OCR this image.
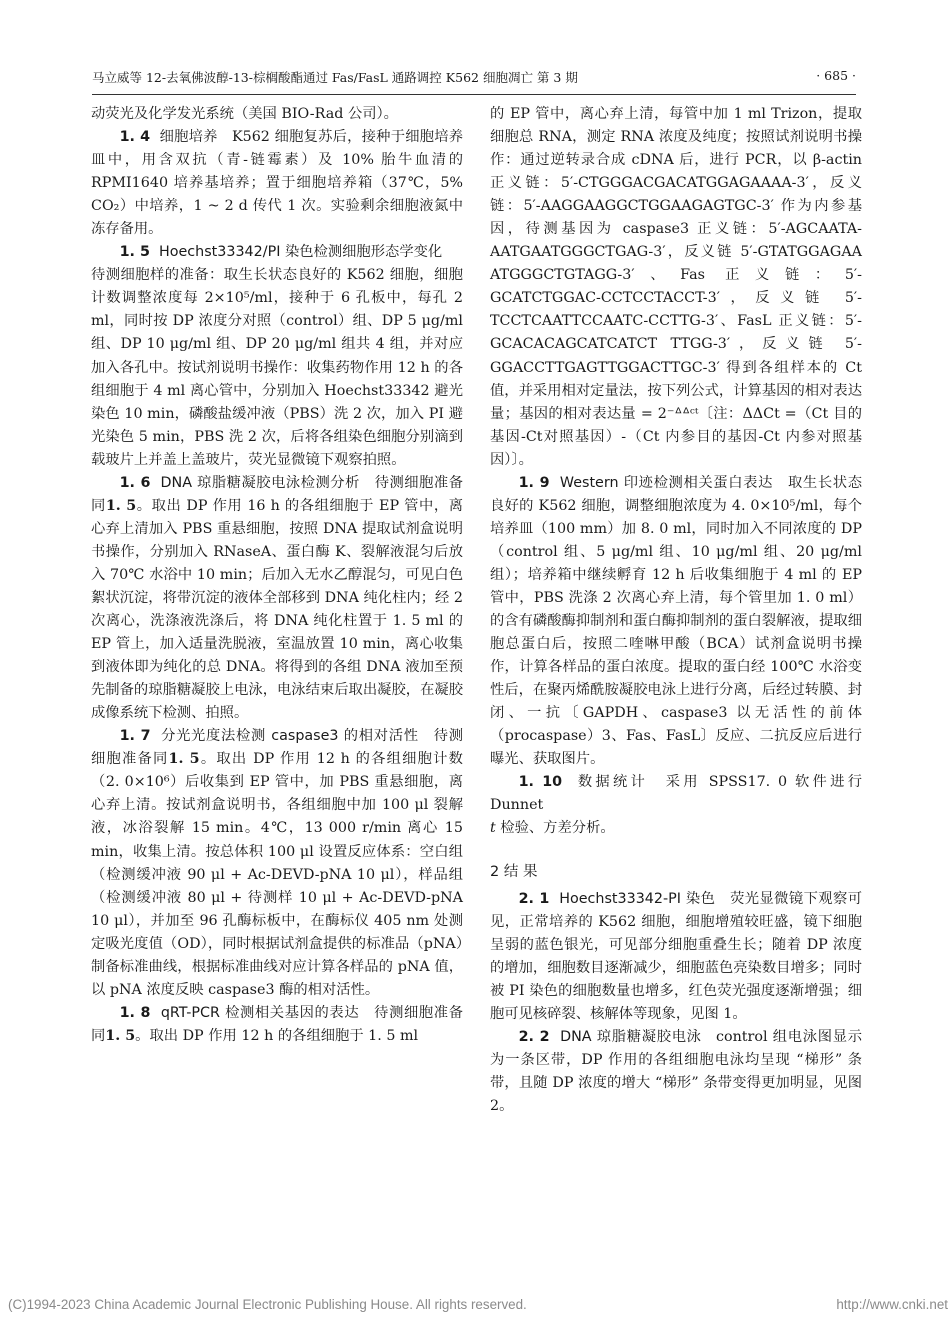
马立威等 12-去氧佛波醇-13-棕榈酸酯通过 Fas/FasL 通路调控 K562 细胞凋亡 第 3 期	· 685 ·

动荧光及化学发光系统（美国 BIO-Rad 公司）。

1. 4 细胞培养  K562 细胞复苏后，接种于细胞培养皿中，用含双抗（青-链霉素）及 10% 胎牛血清的 RPMI1640 培养基培养；置于细胞培养箱（37℃，5% CO₂）中培养，1 ~ 2 d 传代 1 次。实验剩余细胞液氮中冻存备用。

1. 5 Hoechst33342/PI 染色检测细胞形态学变化
待测细胞样的准备：取生长状态良好的 K562 细胞，细胞计数调整浓度每 2×10⁵/ml，接种于 6 孔板中，每孔 2 ml，同时按 DP 浓度分对照（control）组、DP 5 μg/ml 组、DP 10 μg/ml 组、DP 20 μg/ml 组共 4 组，并对应加入各孔中。按试剂说明书操作：收集药物作用 12 h 的各组细胞于 4 ml 离心管中，分别加入 Hoechst33342 避光染色 10 min，磷酸盐缓冲液（PBS）洗 2 次，加入 PI 避光染色 5 min，PBS 洗 2 次，后将各组染色细胞分别滴到载玻片上并盖上盖玻片，荧光显微镜下观察拍照。

1. 6 DNA 琼脂糖凝胶电泳检测分析  待测细胞准备同1. 5。取出 DP 作用 16 h 的各组细胞于 EP 管中，离心弃上清加入 PBS 重悬细胞，按照 DNA 提取试剂盒说明书操作，分别加入 RNaseA、蛋白酶 K、裂解液混匀后放入 70℃ 水浴中 10 min；后加入无水乙醇混匀，可见白色絮状沉淀，将带沉淀的液体全部移到 DNA 纯化柱内；经 2 次离心，洗涤液洗涤后，将 DNA 纯化柱置于 1. 5 ml 的 EP 管上，加入适量洗脱液，室温放置 10 min，离心收集到液体即为纯化的总 DNA。将得到的各组 DNA 液加至预先制备的琼脂糖凝胶上电泳，电泳结束后取出凝胶，在凝胶成像系统下检测、拍照。

1. 7 分光光度法检测 caspase3 的相对活性  待测细胞准备同1. 5。取出 DP 作用 12 h 的各组细胞计数（2. 0×10⁶）后收集到 EP 管中，加 PBS 重悬细胞，离心弃上清。按试剂盒说明书，各组细胞中加 100 μl 裂解液，冰浴裂解 15 min。4℃，13 000 r/min 离心 15 min，收集上清。按总体积 100 μl 设置反应体系：空白组（检测缓冲液 90 μl + Ac-DEVD-pNA 10 μl），样品组（检测缓冲液 80 μl + 待测样 10 μl + Ac-DEVD-pNA 10 μl），并加至 96 孔酶标板中，在酶标仪 405 nm 处测定吸光度值（OD），同时根据试剂盒提供的标准品（pNA）制备标准曲线，根据标准曲线对应计算各样品的 pNA 值，以 pNA 浓度反映 caspase3 酶的相对活性。

1. 8 qRT-PCR 检测相关基因的表达  待测细胞准备同1. 5。取出 DP 作用 12 h 的各组细胞于 1. 5 ml

的 EP 管中，离心弃上清，每管中加 1 ml Trizon，提取细胞总 RNA，测定 RNA 浓度及纯度；按照试剂说明书操作：通过逆转录合成 cDNA 后，进行 PCR，以 β-actin 正义链：5′-CTGGGACGACATGGAGAAAA-3′，反义链：5′-AAGGAAGGCTGGAAGAGTGC-3′ 作为内参基因，待测基因为 caspase3 正义链：5′-AGCAATA-AATGAATGGGCTGAG-3′，反义链 5′-GTATGGAGAA ATGGGCTGTAGG-3′、Fas 正义链：5′-GCATCTGGAC-CCTCCTACCT-3′，反义链 5′-TCCTCAATTCCAATC-CCTTG-3′、FasL 正义链：5′-GCACACAGCATCATCT TTGG-3′，反义链 5′-GGACCTTGAGTTGGACTTGC-3′ 得到各组样本的 Ct 值，并采用相对定量法，按下列公式，计算基因的相对表达量；基因的相对表达量 = 2⁻ᐞᐞᶜᵗ〔注：ΔΔCt =（Ct 目的基因-Ct对照基因）-（Ct 内参目的基因-Ct 内参对照基因）〕。

1. 9 Western 印迹检测相关蛋白表达  取生长状态良好的 K562 细胞，调整细胞浓度为 4. 0×10⁵/ml，每个培养皿（100 mm）加 8. 0 ml，同时加入不同浓度的 DP（control 组、5 μg/ml 组、10 μg/ml 组、20 μg/ml 组）；培养箱中继续孵育 12 h 后收集细胞于 4 ml 的 EP 管中，PBS 洗涤 2 次离心弃上清，每个管里加 1. 0 ml）的含有磷酸酶抑制剂和蛋白酶抑制剂的蛋白裂解液，提取细胞总蛋白后，按照二喹啉甲酸（BCA）试剂盒说明书操作，计算各样品的蛋白浓度。提取的蛋白经 100℃ 水浴变性后，在聚丙烯酰胺凝胶电泳上进行分离，后经过转膜、封闭、一抗〔GAPDH、caspase3 以无活性的前体（procaspase）3、Fas、FasL〕反应、二抗反应后进行曝光、获取图片。

1. 10 数据统计  采用 SPSS17. 0 软件进行 Dunnet
t 检验、方差分析。

2 结 果

2. 1 Hoechst33342-PI 染色  荧光显微镜下观察可见，正常培养的 K562 细胞，细胞增殖较旺盛，镜下细胞呈弱的蓝色银光，可见部分细胞重叠生长；随着 DP 浓度的增加，细胞数目逐渐减少，细胞蓝色亮染数目增多；同时被 PI 染色的细胞数量也增多，红色荧光强度逐渐增强；细胞可见核碎裂、核解体等现象，见图 1。

2. 2 DNA 琼脂糖凝胶电泳  control 组电泳图显示为一条区带，DP 作用的各组细胞电泳均呈现 “梯形” 条带，且随 DP 浓度的增大 “梯形” 条带变得更加明显，见图 2。

(C)1994-2023 China Academic Journal Electronic Publishing House. All rights reserved.	http://www.cnki.net
